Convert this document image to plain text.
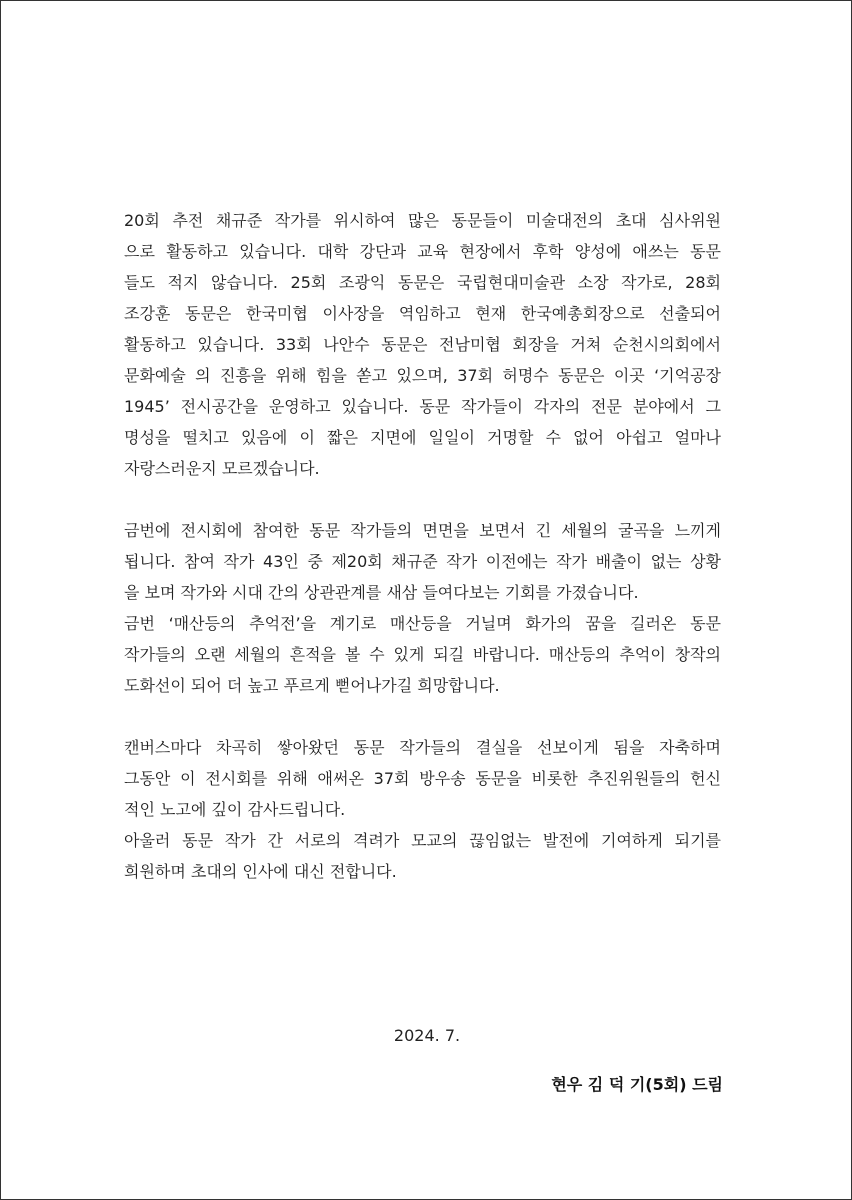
20회 추전 채규준 작가를 위시하여 많은 동문들이 미술대전의 초대 심사위원
으로 활동하고 있습니다. 대학 강단과 교육 현장에서 후학 양성에 애쓰는 동문
들도 적지 않습니다. 25회 조광익 동문은 국립현대미술관 소장 작가로, 28회
조강훈 동문은 한국미협 이사장을 역임하고 현재 한국예총회장으로 선출되어
활동하고 있습니다. 33회 나안수 동문은 전남미협 회장을 거쳐 순천시의회에서
문화예술 의 진흥을 위해 힘을 쏟고 있으며, 37회 허명수 동문은 이곳 ‘기억공장
1945’ 전시공간을 운영하고 있습니다. 동문 작가들이 각자의 전문 분야에서 그
명성을 떨치고 있음에 이 짧은 지면에 일일이 거명할 수 없어 아쉽고 얼마나
자랑스러운지 모르겠습니다.
금번에 전시회에 참여한 동문 작가들의 면면을 보면서 긴 세월의 굴곡을 느끼게
됩니다. 참여 작가 43인 중 제20회 채규준 작가 이전에는 작가 배출이 없는 상황
을 보며 작가와 시대 간의 상관관계를 새삼 들여다보는 기회를 가졌습니다.
금번 ‘매산등의 추억전’을 계기로 매산등을 거닐며 화가의 꿈을 길러온 동문
작가들의 오랜 세월의 흔적을 볼 수 있게 되길 바랍니다. 매산등의 추억이 창작의
도화선이 되어 더 높고 푸르게 뻗어나가길 희망합니다.
캔버스마다 차곡히 쌓아왔던 동문 작가들의 결실을 선보이게 됨을 자축하며
그동안 이 전시회를 위해 애써온 37회 방우송 동문을 비롯한 추진위원들의 헌신
적인 노고에 깊이 감사드립니다.
아울러 동문 작가 간 서로의 격려가 모교의 끊임없는 발전에 기여하게 되기를
희원하며 초대의 인사에 대신 전합니다.
2024. 7.
현우 김 덕 기(5회) 드림
